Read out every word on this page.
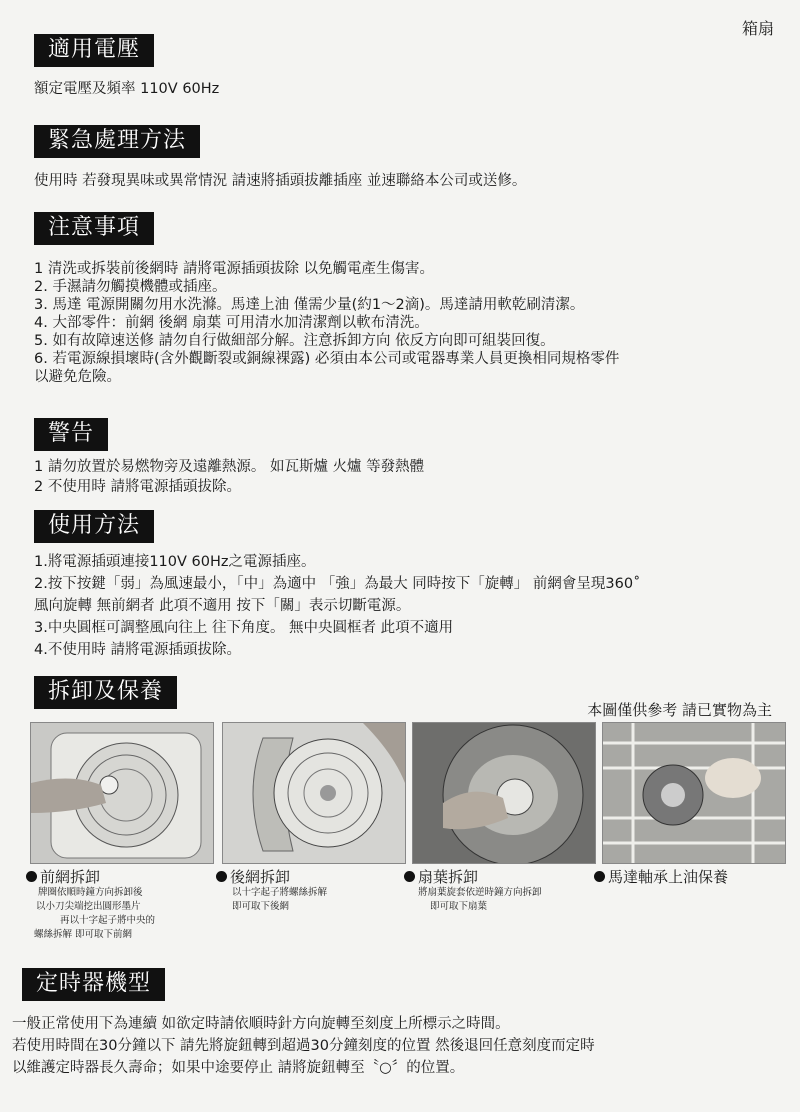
箱扇
適用電壓
額定電壓及頻率 110V 60Hz
緊急處理方法
使用時 若發現異味或異常情況 請速將插頭拔離插座 並速聯絡本公司或送修。
注意事項
1 清洗或拆裝前後網時 請將電源插頭拔除 以免觸電產生傷害。
2. 手濕請勿觸摸機體或插座。
3. 馬達 電源開關勿用水洗滌。馬達上油 僅需少量(約1～2滴)。馬達請用軟乾刷清潔。
4. 大部零件：前網 後網 扇葉 可用清水加清潔劑以軟布清洗。
5. 如有故障速送修 請勿自行做細部分解。注意拆卸方向 依反方向即可組裝回復。
6. 若電源線損壞時(含外觀斷裂或銅線裸露) 必須由本公司或電器專業人員更換相同規格零件
以避免危險。
警告
1 請勿放置於易燃物旁及遠離熱源。 如瓦斯爐 火爐 等發熱體
2 不使用時 請將電源插頭拔除。
使用方法
1.將電源插頭連接110V 60Hz之電源插座。
2.按下按鍵「弱」為風速最小，「中」為適中 「強」為最大 同時按下「旋轉」 前網會呈現360˚
風向旋轉 無前網者 此項不適用 按下「關」表示切斷電源。
3.中央圓框可調整風向往上 往下角度。 無中央圓框者 此項不適用
4.不使用時 請將電源插頭拔除。
拆卸及保養
本圖僅供參考 請已實物為主
前網拆卸
牌圈依順時鐘方向拆卸後
以小刀尖端挖出圓形墨片
再以十字起子將中央的
螺絲拆解 即可取下前網
後網拆卸
以十字起子將螺絲拆解
即可取下後網
扇葉拆卸
將扇葉旋套依逆時鐘方向拆卸
即可取下扇葉
馬達軸承上油保養
定時器機型
一般正常使用下為連續 如欲定時請依順時針方向旋轉至刻度上所標示之時間。
若使用時間在30分鐘以下 請先將旋鈕轉到超過30分鐘刻度的位置 然後退回任意刻度而定時
以維護定時器長久壽命；如果中途要停止 請將旋鈕轉至〝○〞的位置。
